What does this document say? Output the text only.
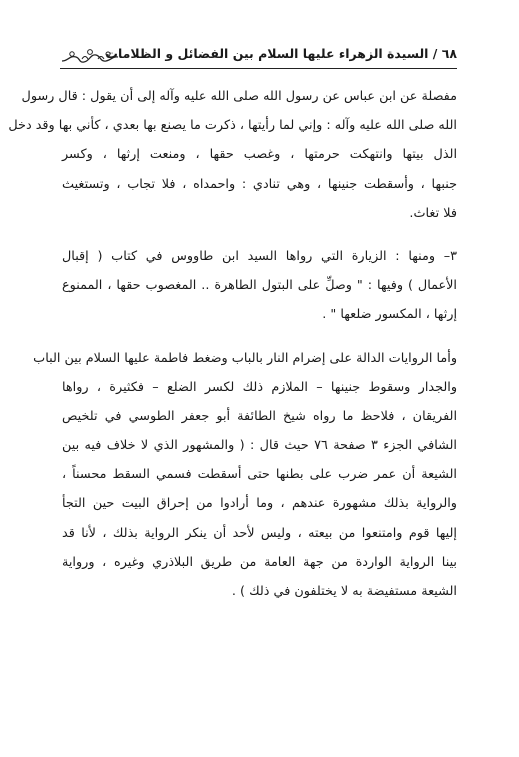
٦٨ / السيدة الزهراء عليها السلام بين الفضائل و الظلامات
مفصلة عن ابن عباس عن رسول الله صلى الله عليه وآله إلى أن يقول : قال رسول
الله صلى الله عليه وآله : وإني لما رأيتها ، ذكرت ما يصنع بها بعدي ، كأني بها وقد دخل
الذل بيتها وانتهكت حرمتها ، وغصب حقها ، ومنعت إرثها ، وكسر
جنبها ، وأسقطت جنينها ، وهي تنادي : واحمداه ، فلا تجاب ، وتستغيث
فلا تغاث.
٣– ومنها : الزيارة التي رواها السيد ابن طاووس في كتاب ( إقبال
الأعمال ) وفيها : " وصلِّ على البتول الطاهرة .. المغصوب حقها ، الممنوع
إرثها ، المكسور ضلعها " .
وأما الروايات الدالة على إضرام النار بالباب وضغط فاطمة عليها السلام بين الباب
والجدار وسقوط جنينها – الملازم ذلك لكسر الضلع – فكثيرة ، رواها
الفريقان ، فلاحظ ما رواه شيخ الطائفة أبو جعفر الطوسي في تلخيص
الشافي الجزء ٣ صفحة ٧٦ حيث قال : ( والمشهور الذي لا خلاف فيه بين
الشيعة أن عمر ضرب على بطنها حتى أسقطت فسمي السقط محسناً ،
والرواية بذلك مشهورة عندهم ، وما أرادوا من إحراق البيت حين التجأ
إليها قوم وامتنعوا من بيعته ، وليس لأحد أن ينكر الرواية بذلك ، لأنا قد
بينا الرواية الواردة من جهة العامة من طريق البلاذري وغيره ، ورواية
الشيعة مستفيضة به لا يختلفون في ذلك ) .
